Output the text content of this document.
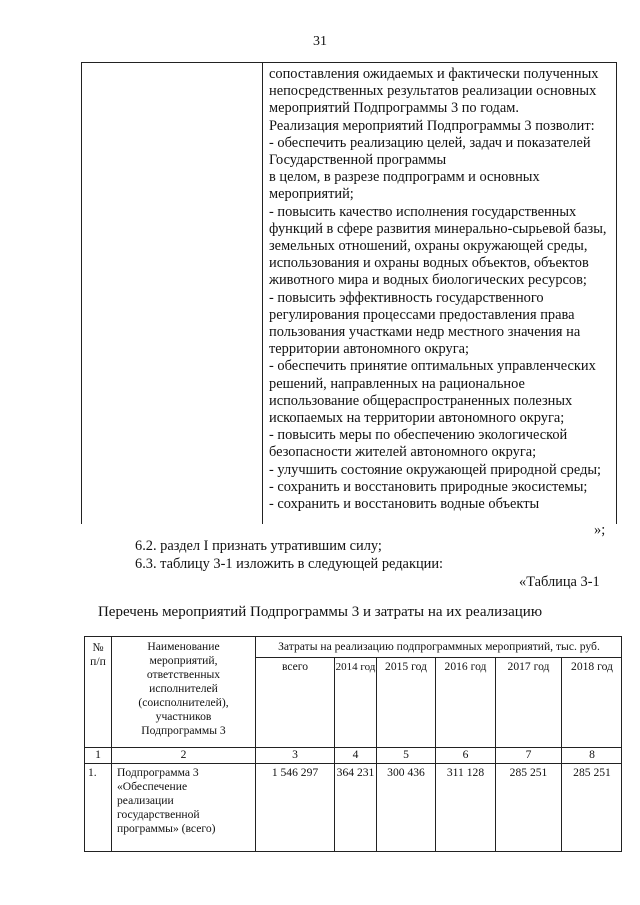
31
сопоставления ожидаемых и фактически полученных
непосредственных результатов реализации основных
мероприятий Подпрограммы 3 по годам.
Реализация мероприятий Подпрограммы 3 позволит:
- обеспечить реализацию целей, задач и показателей
Государственной программы
в целом, в разрезе подпрограмм и основных
мероприятий;
- повысить качество исполнения государственных
функций в сфере развития минерально-сырьевой базы,
земельных отношений, охраны окружающей среды,
использования и охраны водных объектов, объектов
животного мира и водных биологических ресурсов;
- повысить эффективность государственного
регулирования процессами предоставления права
пользования участками недр местного значения на
территории автономного округа;
- обеспечить принятие оптимальных управленческих
решений, направленных на рациональное
использование общераспространенных полезных
ископаемых на территории автономного округа;
- повысить меры по обеспечению экологической
безопасности жителей автономного округа;
- улучшить состояние окружающей природной среды;
- сохранить и восстановить природные экосистемы;
- сохранить и восстановить водные объекты
»;
6.2. раздел I признать утратившим силу;
6.3. таблицу 3-1 изложить в следующей редакции:
«Таблица 3-1
Перечень мероприятий Подпрограммы 3 и затраты на их реализацию
№ п/п
Наименование
мероприятий,
ответственных
исполнителей
(соисполнителей),
участников
Подпрограммы 3
Затраты на реализацию подпрограммных мероприятий, тыс. руб.
всего	2014 год 2015 год	2016 год	2017 год	2018 год
1	2	3	4	5	6	7	8
1.	Подпрограмма 3
«Обеспечение
реализации
государственной
программы» (всего)
1 546 297	364 231	300 436	311 128	285 251	285 251
